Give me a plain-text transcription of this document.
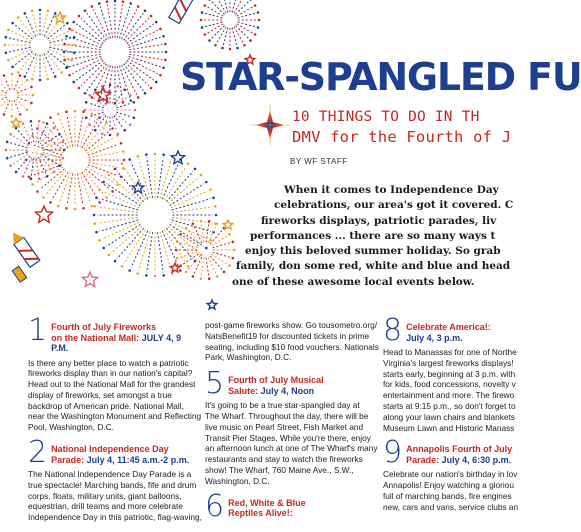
STAR-SPANGLED FU

10 THINGS TO DO IN TH

DMV for the Fourth of J

BY WF STAFF

When it comes to Independence Day
celebrations, our area's got it covered. C
fireworks displays, patriotic parades, liv
performances ... there are so many ways t
enjoy this beloved summer holiday. So grab
family, don some red, white and blue and head
one of these awesome local events below.

1 Fourth of July Fireworks
on the National Mall: JULY 4, 9 P.M.

Is there any better place to watch a patriotic
fireworks display than in our nation's capital?
Head out to the National Mall for the grandest
display of fireworks, set amongst a true
backdrop of American pride. National Mall,
near the Washington Monument and Reflecting
Pool, Washington, D.C.

2 National Independence Day
Parade: July 4, 11:45 a.m.-2 p.m.

The National Independence Day Parade is a
true spectacle! Marching bands, fife and drum
corps, floats, military units, giant balloons,
equestrian, drill teams and more celebrate
Independence Day in this patriotic, flag-waving,

post-game fireworks show. Go tousometro.org/
NatsBenefit19 for discounted tickets in prime
seating, including $10 food vouchers. Nationals
Park, Washington, D.C.

5 Fourth of July Musical
Salute: July 4, Noon

It's going to be a true star-spangled day at
The Wharf. Throughout the day, there will be
live music on Pearl Street, Fish Market and
Transit Pier Stages. While you're there, enjoy
an afternoon lunch at one of The Wharf's many
restaurants and stay to watch the fireworks
show! The Wharf, 760 Maine Ave., S.W.,
Washington, D.C.

6 Red, White & Blue
Reptiles Alive!:
8 Celebrate America!:
July 4, 3 p.m.

Head to Manassas for one of Northe
Virginia's largest fireworks displays!
starts early, beginning at 3 p.m. with
for kids, food concessions, novelty v
entertainment and more. The firewo
starts at 9:15 p.m., so don't forget to
along your lawn chairs and blankets
Museum Lawn and Historic Manass

9 Annapolis Fourth of July
Parade: July 4, 6:30 p.m.

Celebrate our nation's birthday in lov
Annapolis! Enjoy watching a gloriou
full of marching bands, fire engines
new, cars and vans, service clubs an
